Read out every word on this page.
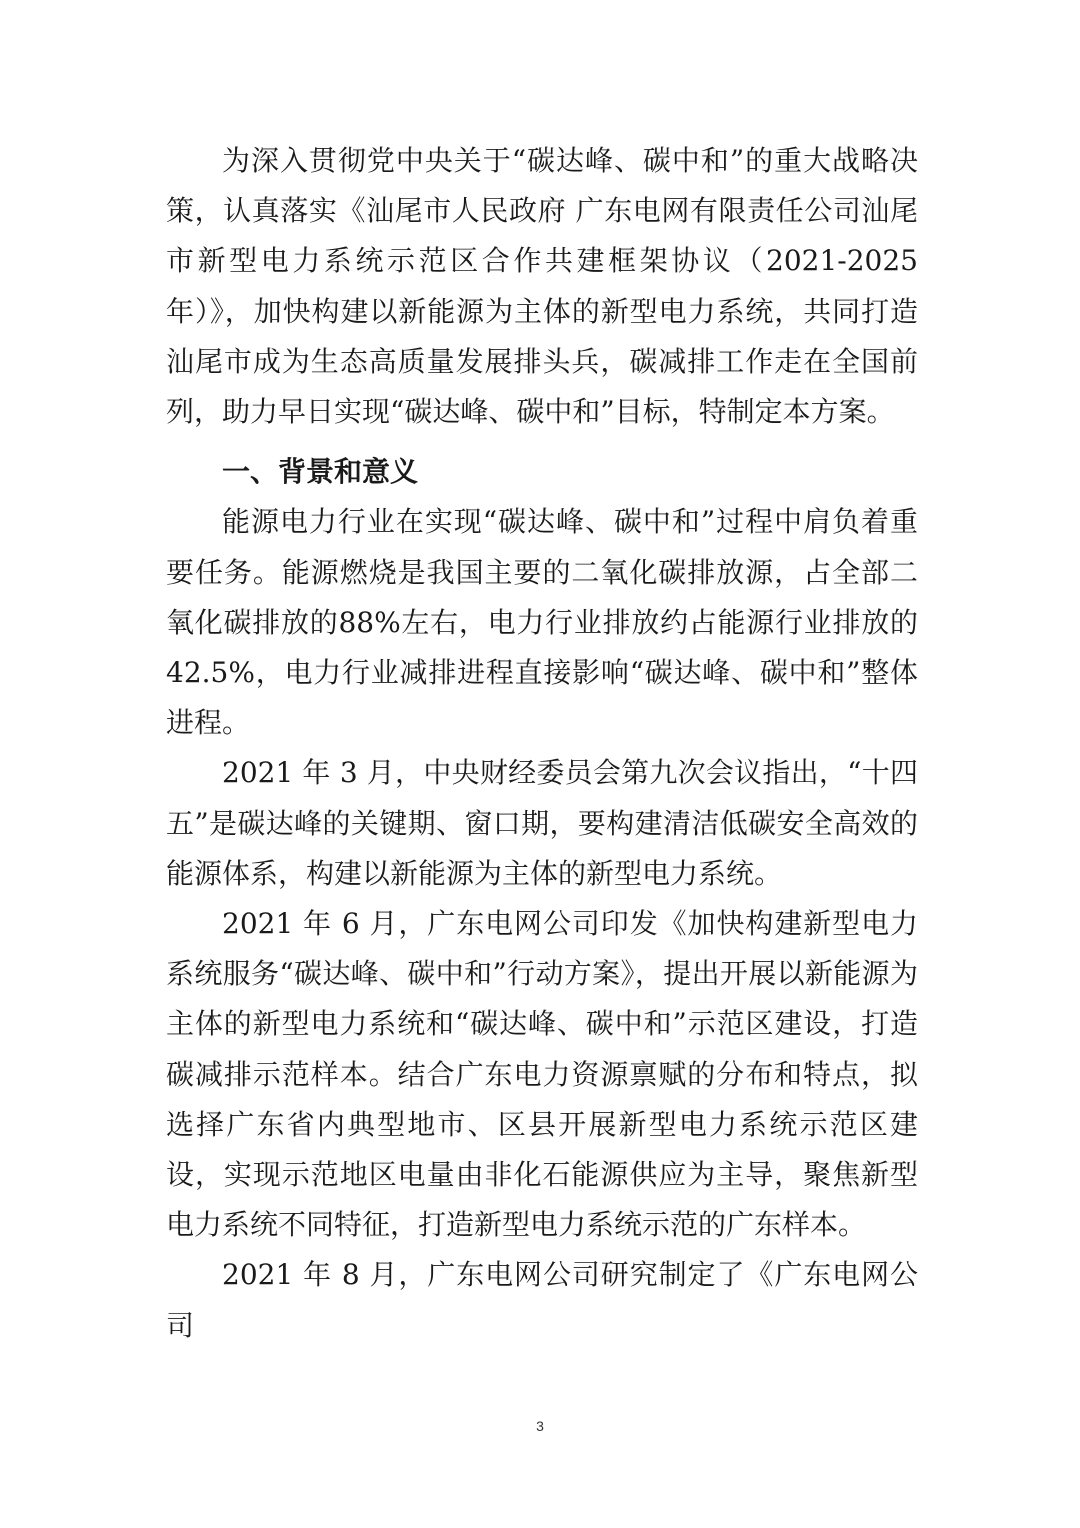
为深入贯彻党中央关于“碳达峰、碳中和”的重大战略决策，认真落实《汕尾市人民政府 广东电网有限责任公司汕尾市新型电力系统示范区合作共建框架协议（2021-2025年）》，加快构建以新能源为主体的新型电力系统，共同打造汕尾市成为生态高质量发展排头兵，碳减排工作走在全国前列，助力早日实现“碳达峰、碳中和”目标，特制定本方案。

一、背景和意义

能源电力行业在实现“碳达峰、碳中和”过程中肩负着重要任务。能源燃烧是我国主要的二氧化碳排放源，占全部二氧化碳排放的88%左右，电力行业排放约占能源行业排放的 42.5%，电力行业减排进程直接影响“碳达峰、碳中和”整体进程。

2021 年 3 月，中央财经委员会第九次会议指出，“十四五”是碳达峰的关键期、窗口期，要构建清洁低碳安全高效的能源体系，构建以新能源为主体的新型电力系统。

2021 年 6 月，广东电网公司印发《加快构建新型电力系统服务“碳达峰、碳中和”行动方案》，提出开展以新能源为主体的新型电力系统和“碳达峰、碳中和”示范区建设，打造碳减排示范样本。结合广东电力资源禀赋的分布和特点，拟选择广东省内典型地市、区县开展新型电力系统示范区建设，实现示范地区电量由非化石能源供应为主导，聚焦新型电力系统不同特征，打造新型电力系统示范的广东样本。

2021 年 8 月，广东电网公司研究制定了《广东电网公司

3
